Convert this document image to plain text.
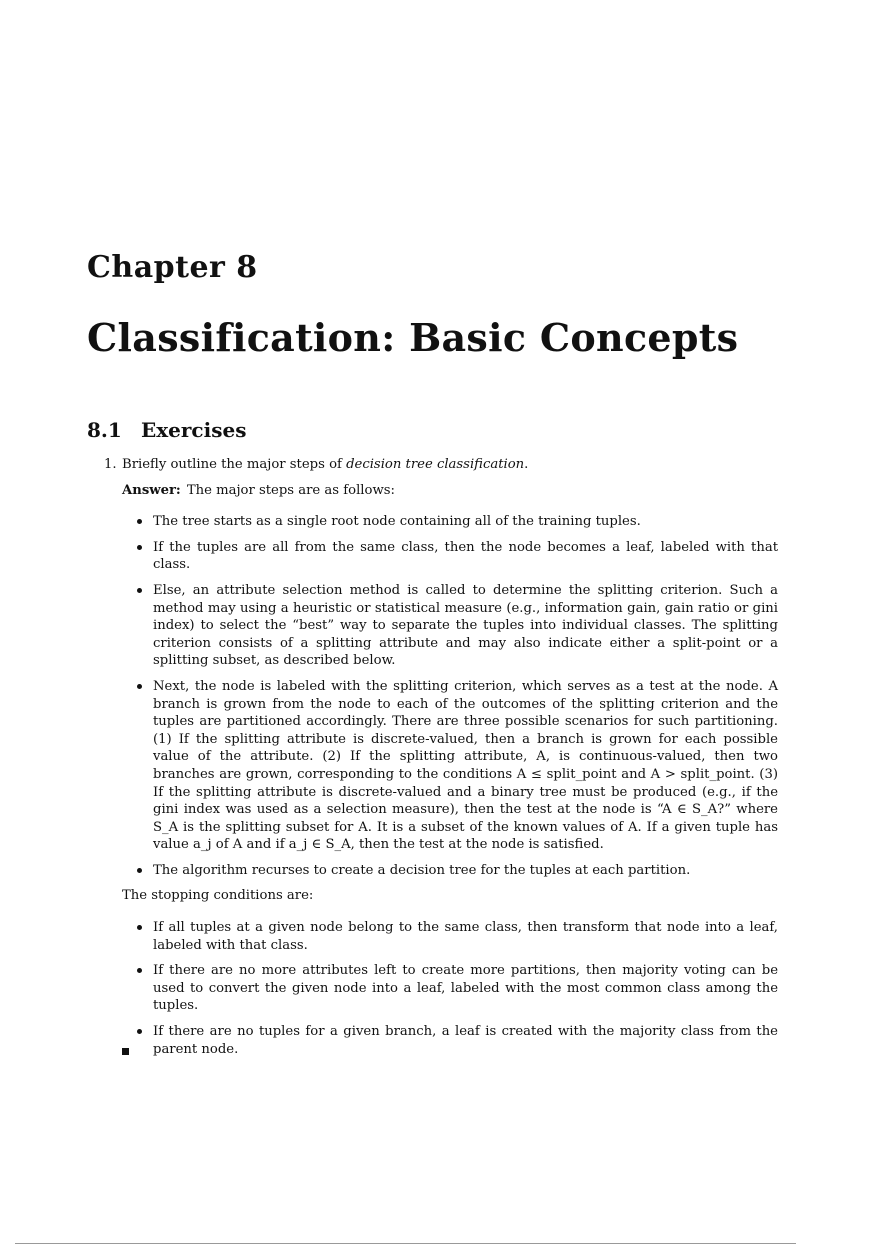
Chapter 8
Classification: Basic Concepts
8.1 Exercises

1. Briefly outline the major steps of decision tree classification.

Answer: The major steps are as follows:
The tree starts as a single root node containing all of the training tuples.
If the tuples are all from the same class, then the node becomes a leaf, labeled with that class.
Else, an attribute selection method is called to determine the splitting criterion. Such a method may using a heuristic or statistical measure (e.g., information gain, gain ratio or gini index) to select the “best” way to separate the tuples into individual classes. The splitting criterion consists of a splitting attribute and may also indicate either a split-point or a splitting subset, as described below.
Next, the node is labeled with the splitting criterion, which serves as a test at the node. A branch is grown from the node to each of the outcomes of the splitting criterion and the tuples are partitioned accordingly. There are three possible scenarios for such partitioning. (1) If the splitting attribute is discrete-valued, then a branch is grown for each possible value of the attribute. (2) If the splitting attribute, A, is continuous-valued, then two branches are grown, corresponding to the conditions A ≤ split_point and A > split_point. (3) If the splitting attribute is discrete-valued and a binary tree must be produced (e.g., if the gini index was used as a selection measure), then the test at the node is “A ∈ S_A?” where S_A is the splitting subset for A. It is a subset of the known values of A. If a given tuple has value a_j of A and if a_j ∈ S_A, then the test at the node is satisfied.
The algorithm recurses to create a decision tree for the tuples at each partition.
The stopping conditions are:
If all tuples at a given node belong to the same class, then transform that node into a leaf, labeled with that class.
If there are no more attributes left to create more partitions, then majority voting can be used to convert the given node into a leaf, labeled with the most common class among the tuples.
If there are no tuples for a given branch, a leaf is created with the majority class from the parent node.
